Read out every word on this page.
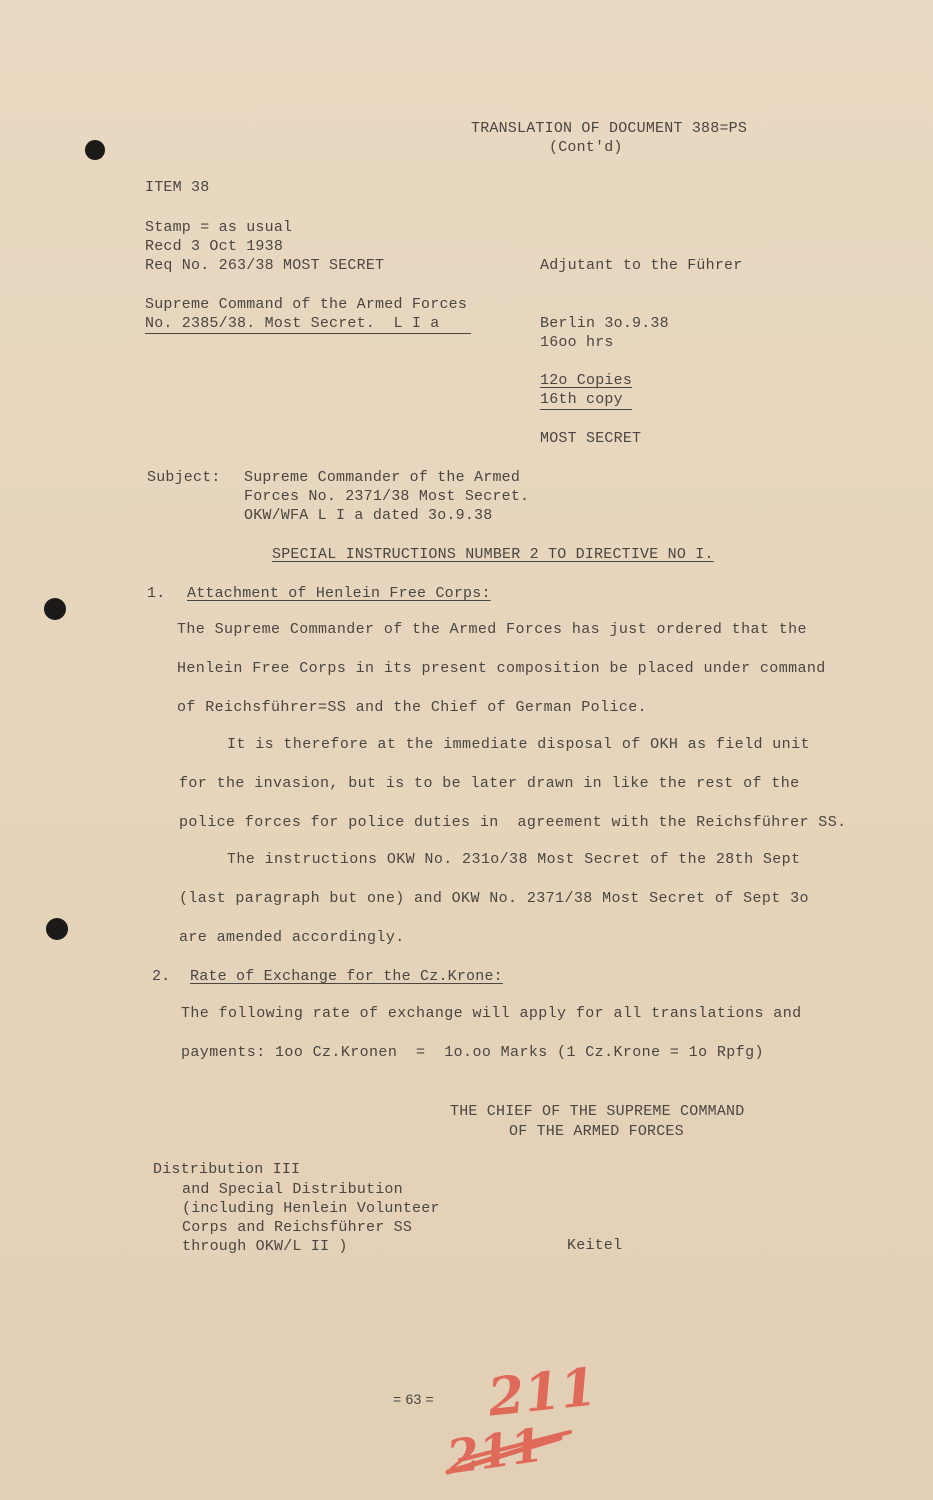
TRANSLATION OF DOCUMENT 388=PS
(Cont'd)
ITEM 38
Stamp = as usual
Recd 3 Oct 1938
Req No. 263/38 MOST SECRET	Adjutant to the Führer
Supreme Command of the Armed Forces
No. 2385/38. Most Secret.  L I a	Berlin 3o.9.38
16oo hrs
12o Copies
16th copy
MOST SECRET
Subject: Supreme Commander of the Armed
Forces No. 2371/38 Most Secret.
OKW/WFA L I a dated 3o.9.38
SPECIAL INSTRUCTIONS NUMBER 2 TO DIRECTIVE NO I.
1. Attachment of Henlein Free Corps:
The Supreme Commander of the Armed Forces has just ordered that the
Henlein Free Corps in its present composition be placed under command
of Reichsführer=SS and the Chief of German Police.
It is therefore at the immediate disposal of OKH as field unit
for the invasion, but is to be later drawn in like the rest of the
police forces for police duties in  agreement with the Reichsführer SS.
The instructions OKW No. 231o/38 Most Secret of the 28th Sept
(last paragraph but one) and OKW No. 2371/38 Most Secret of Sept 3o
are amended accordingly.
2. Rate of Exchange for the Cz.Krone:
The following rate of exchange will apply for all translations and
payments: 1oo Cz.Kronen  =  1o.oo Marks (1 Cz.Krone = 1o Rpfg)
THE CHIEF OF THE SUPREME COMMAND
OF THE ARMED FORCES
Distribution III
and Special Distribution
(including Henlein Volunteer
Corps and Reichsführer SS
through OKW/L II )	Keitel
= 63 = 211
211
